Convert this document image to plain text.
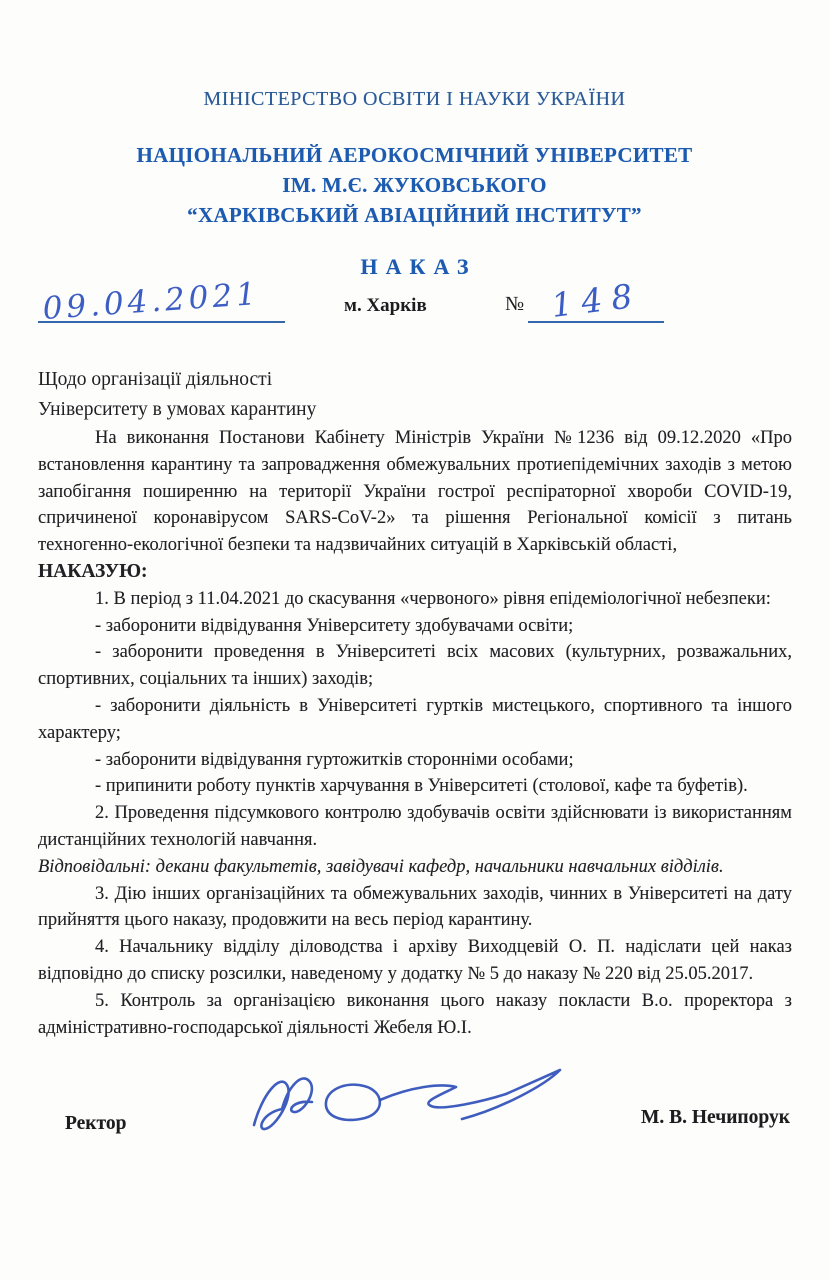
МІНІСТЕРСТВО ОСВІТИ І НАУКИ УКРАЇНИ
НАЦІОНАЛЬНИЙ АЕРОКОСМІЧНИЙ УНІВЕРСИТЕТ
ІМ. М.Є. ЖУКОВСЬКОГО
“ХАРКІВСЬКИЙ АВІАЦІЙНИЙ ІНСТИТУТ”
НАКАЗ
09.04.2021	м. Харків	№ 148
Щодо організації діяльності
Університету в умовах карантину

На виконання Постанови Кабінету Міністрів України №1236 від 09.12.2020 «Про встановлення карантину та запровадження обмежувальних протиепідемічних заходів з метою запобігання поширенню на території України гострої респіраторної хвороби COVID-19, спричиненої коронавірусом SARS-CoV-2» та рішення Регіональної комісії з питань техногенно-екологічної безпеки та надзвичайних ситуацій в Харківській області,

НАКАЗУЮ:

1. В період з 11.04.2021 до скасування «червоного» рівня епідеміологічної небезпеки:

- заборонити відвідування Університету здобувачами освіти;

- заборонити проведення в Університеті всіх масових (культурних, розважальних, спортивних, соціальних та інших) заходів;

- заборонити діяльність в Університеті гуртків мистецького, спортивного та іншого характеру;

- заборонити відвідування гуртожитків сторонніми особами;

- припинити роботу пунктів харчування в Університеті (столової, кафе та буфетів).

2. Проведення підсумкового контролю здобувачів освіти здійснювати із використанням дистанційних технологій навчання.

Відповідальні: декани факультетів, завідувачі кафедр, начальники навчальних відділів.

3. Дію інших організаційних та обмежувальних заходів, чинних в Університеті на дату прийняття цього наказу, продовжити на весь період карантину.

4. Начальнику відділу діловодства і архіву Виходцевій О. П. надіслати цей наказ відповідно до списку розсилки, наведеному у додатку № 5 до наказу № 220 від 25.05.2017.

5. Контроль за організацією виконання цього наказу покласти В.о. проректора з адміністративно-господарської діяльності Жебеля Ю.І.

Ректор	М. В. Нечипорук
